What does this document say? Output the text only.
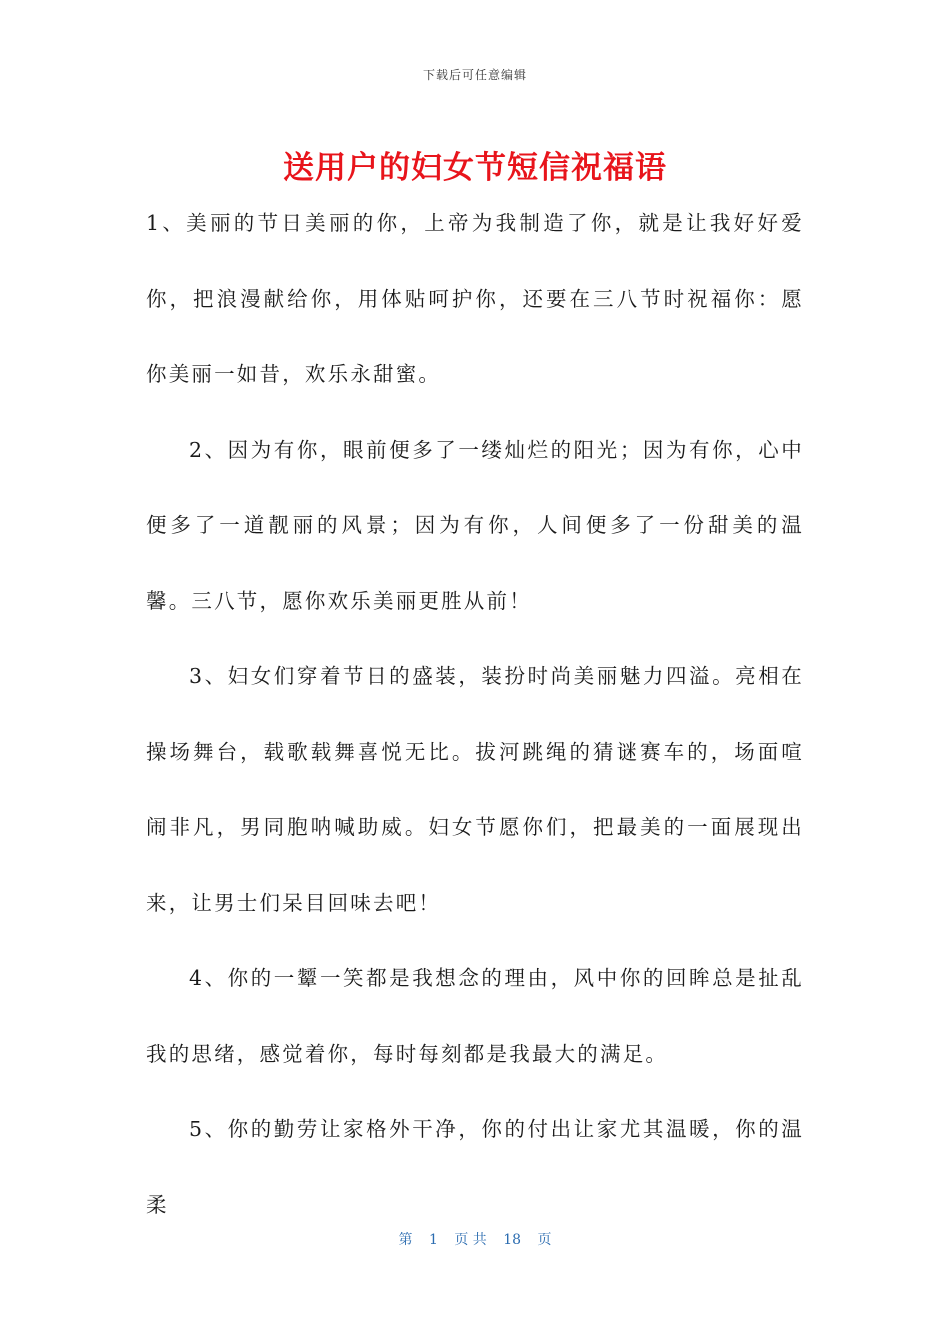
下载后可任意编辑
送用户的妇女节短信祝福语

1、美丽的节日美丽的你，上帝为我制造了你，就是让我好好爱你，把浪漫献给你，用体贴呵护你，还要在三八节时祝福你：愿你美丽一如昔，欢乐永甜蜜。

2、因为有你，眼前便多了一缕灿烂的阳光；因为有你，心中便多了一道靓丽的风景；因为有你，人间便多了一份甜美的温馨。三八节，愿你欢乐美丽更胜从前！

3、妇女们穿着节日的盛装，装扮时尚美丽魅力四溢。亮相在操场舞台，载歌载舞喜悦无比。拔河跳绳的猜谜赛车的，场面喧闹非凡，男同胞呐喊助威。妇女节愿你们，把最美的一面展现出来，让男士们呆目回味去吧！

4、你的一颦一笑都是我想念的理由，风中你的回眸总是扯乱我的思绪，感觉着你，每时每刻都是我最大的满足。

5、你的勤劳让家格外干净，你的付出让家尤其温暖，你的温柔

第 1 页 共 18 页
